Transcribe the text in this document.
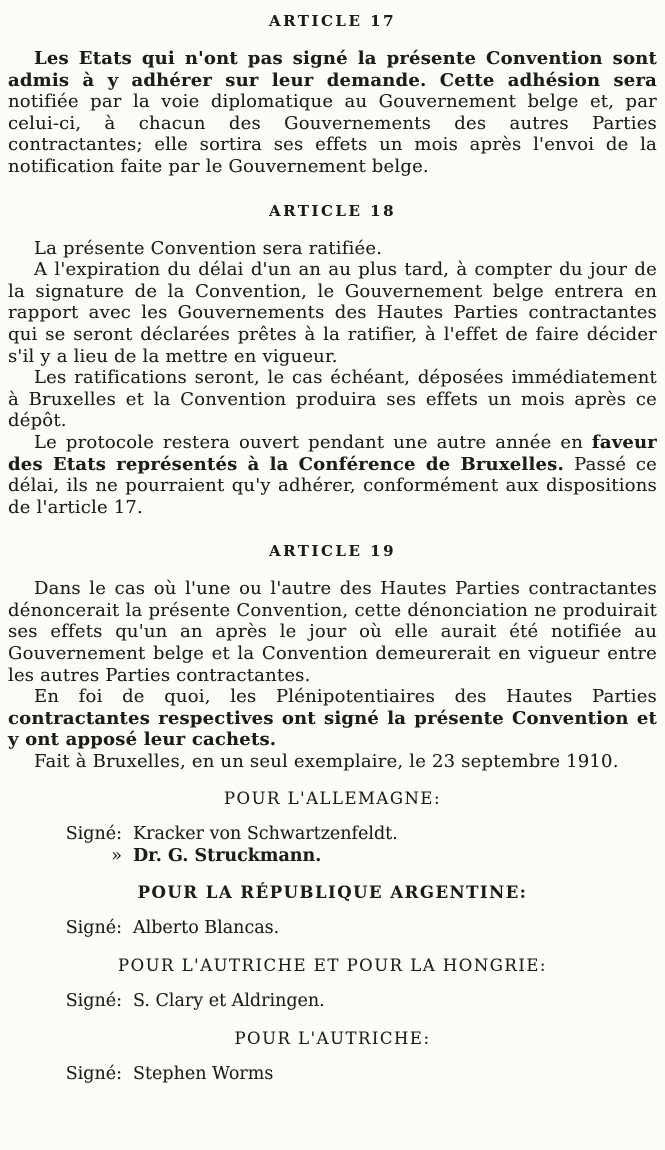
ARTICLE 17

Les Etats qui n'ont pas signé la présente Convention sont admis à y adhérer sur leur demande. Cette adhésion sera notifiée par la voie diplomatique au Gouvernement belge et, par celui-ci, à chacun des Gouvernements des autres Parties contractantes; elle sortira ses effets un mois après l'envoi de la notification faite par le Gouvernement belge.

ARTICLE 18

La présente Convention sera ratifiée.

A l'expiration du délai d'un an au plus tard, à compter du jour de la signature de la Convention, le Gouvernement belge entrera en rapport avec les Gouvernements des Hautes Parties contractantes qui se seront déclarées prêtes à la ratifier, à l'effet de faire décider s'il y a lieu de la mettre en vigueur.

Les ratifications seront, le cas échéant, déposées immédiatement à Bruxelles et la Convention produira ses effets un mois après ce dépôt.

Le protocole restera ouvert pendant une autre année en faveur des Etats représentés à la Conférence de Bruxelles. Passé ce délai, ils ne pourraient qu'y adhérer, conformément aux dispositions de l'article 17.

ARTICLE 19

Dans le cas où l'une ou l'autre des Hautes Parties contractantes dénoncerait la présente Convention, cette dénonciation ne produirait ses effets qu'un an après le jour où elle aurait été notifiée au Gouvernement belge et la Convention demeurerait en vigueur entre les autres Parties contractantes.

En foi de quoi, les Plénipotentiaires des Hautes Parties contractantes respectives ont signé la présente Convention et y ont apposé leur cachets.

Fait à Bruxelles, en un seul exemplaire, le 23 septembre 1910.

POUR L'ALLEMAGNE:
Signé: Kracker von Schwartzenfeldt.
» Dr. G. Struckmann.
POUR LA RÉPUBLIQUE ARGENTINE:
Signé: Alberto Blancas.
POUR L'AUTRICHE ET POUR LA HONGRIE:
Signé: S. Clary et Aldringen.
POUR L'AUTRICHE:
Signé: Stephen Worms
